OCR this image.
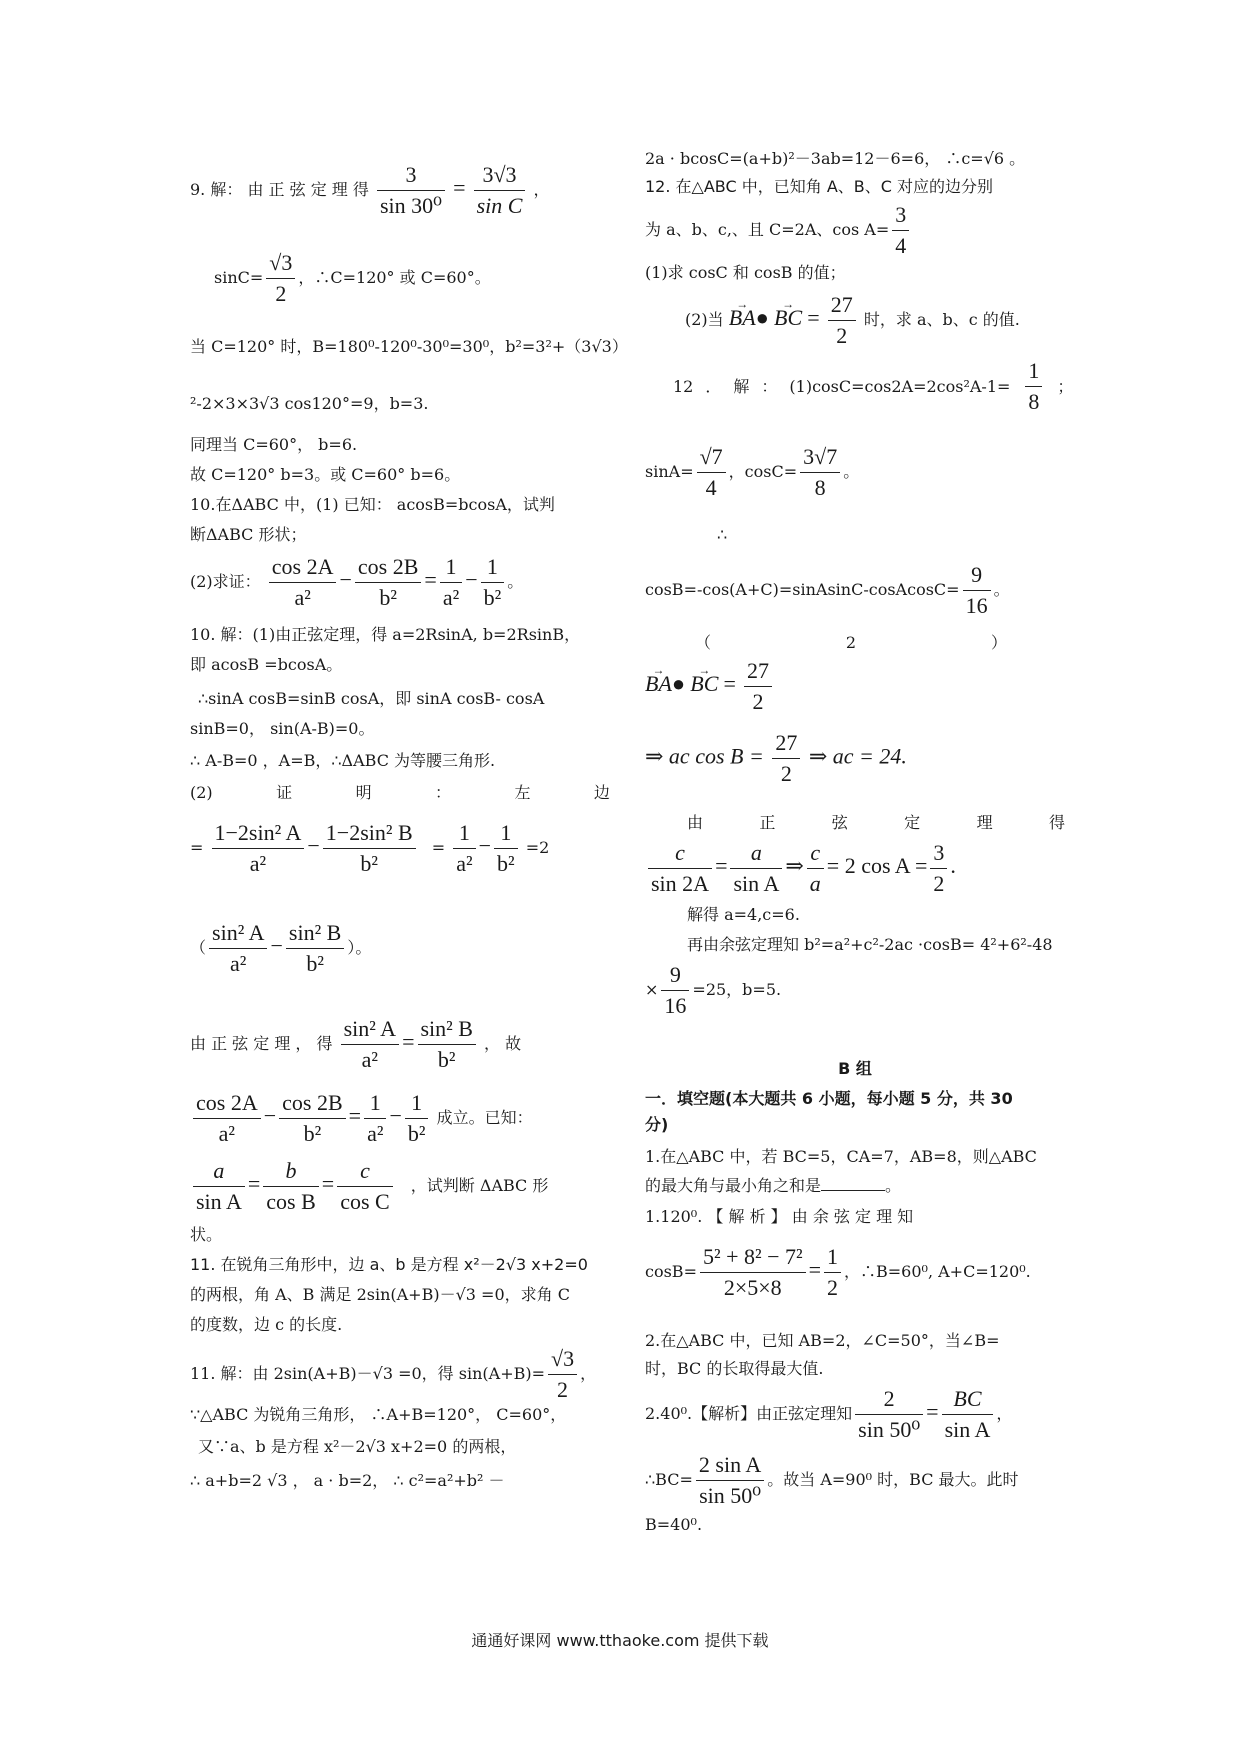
9. 解： 由 正 弦 定 理 得 $\frac{3}{\text{sin 30⁰}} = \frac{3√3}{\text{sin C}}$ ，
$\sin C= \frac{√3}{2}$ ，∴C=120° 或 C=60°。
当 C=120° 时，B=180⁰-120⁰-30⁰=30⁰，b²=3²+（3√3）
²-2×3×3√3 cos120°=9，b=3.
同理当 C=60°， b=6.
故 C=120° b=3。或 C=60° b=6。
10.在ΔABC 中，(1) 已知： acosB=bcosA，试判
断ΔABC 形状；
(2)求证： $\frac{\cos 2A}{\text{a²}} - \frac{\cos 2B}{\text{b²}} = \frac{1}{\text{a²}} - \frac{1}{\text{b²}}$ 。
10. 解：(1)由正弦定理，得 a=2RsinA, b=2RsinB，
即 acosB =bcosA。
∴sinA cosB=sinB cosA，即 sinA cosB- cosA
sinB=0， sin(A-B)=0。
∴ A-B=0 ，A=B，∴ΔABC 为等腰三角形.
(2)	证	明	：	左	边
= $\frac{\text{1−2sin² A}}{\text{a²}} - \frac{\text{1−2sin² B}}{\text{b²}} = \frac{1}{\text{a²}} - \frac{1}{\text{b²}} =2$
（ $\frac{\text{sin² A}}{\text{a²}} - \frac{\text{sin² B}}{\text{b²}}$ ）。
由 正 弦 定 理 ， 得 $\frac{\text{sin² A}}{\text{a²}} = \frac{\text{sin² B}}{\text{b²}}$ ， 故
$\frac{\cos 2A}{\text{a²}} - \frac{\cos 2B}{\text{b²}} = \frac{1}{\text{a²}} - \frac{1}{\text{b²}}$ 成立。已知：
$\frac{a}{\text{sin A}} = \frac{b}{\text{cos B}} = \frac{c}{\text{cos C}}$ ，试判断 ΔABC 形
状。
11. 在锐角三角形中，边 a、b 是方程 x²－2√3 x+2=0
的两根，角 A、B 满足 2sin(A+B)－√3 =0，求角 C
的度数，边 c 的长度.
11. 解：由 2sin(A+B)－√3 =0，得 $\sin(A+B)= \frac{√3}{2}$ ，
∵△ABC 为锐角三角形， ∴A+B=120°， C=60°，
又∵a、b 是方程 x²－2√3 x+2=0 的两根，
∴ a+b=2 √3 ， a · b=2， ∴ c²=a²+b² －
2a · bcosC=(a+b)²－3ab=12－6=6， ∴c=√6 。
12. 在△ABC 中，已知角 A、B、C 对应的边分别
为 a、b、c,、且 C=2A、$\cos A= \frac{3}{4}$
(1)求 cosC 和 cosB 的值；
(2)当 → BA● → BC = $\frac{27}{2}$ 时，求 a、b、c 的值.
12 ． 解 ： $(1)\cos C=\cos 2A=2\cos^2A-1= \frac{1}{8}$ ；
$\sin A= \frac{√7}{4}$ ，$\cos C= \frac{3√7}{8}$ 。
∴
cosB=-cos(A+C)=sinAsinC-cosAcosC= $\frac{9}{16}$ 。
（	2	）
→ BA● → BC = $\frac{27}{2}$
⇒ ac $\cos B = \frac{27}{2}$ ⇒ ac = 24.
由	正	弦	定	理	得
$\frac{c}{\sin 2A} = \frac{a}{\text{sin A}}$ ⇒ $\frac{c}{a} = 2$ $\cos A = \frac{3}{2}$ .
解得 a=4,c=6.
再由余弦定理知 b²=a²+c²-2ac ·cosB= 4²+6²-48
× $\frac{9}{16} =25$，b=5.
B 组
一．填空题(本大题共 6 小题，每小题 5 分，共 30
分)
1.在△ABC 中，若 BC=5，CA=7，AB=8，则△ABC
的最大角与最小角之和是	。
1.120⁰. 【 解 析 】 由 余 弦 定 理 知
$\cos B= \frac{\text{5² + 8² − 7²}}{2\times 5\times 8} = \frac{1}{2}$ ，∴B=60⁰, A+C=120⁰.
2.在△ABC 中，已知 AB=2，∠C=50°，当∠B=
时，BC 的长取得最大值.
2.40⁰.【解析】由正弦定理知 $\frac{2}{\text{sin 50⁰}} = \frac{BC}{\text{sin A}}$ ，
∴BC= $\frac{\text{2 sin A}}{\text{sin 50⁰}}$ 。故当 A=90⁰ 时，BC 最大。此时
B=40⁰.
通通好课网 www.tthaoke.com 提供下载
